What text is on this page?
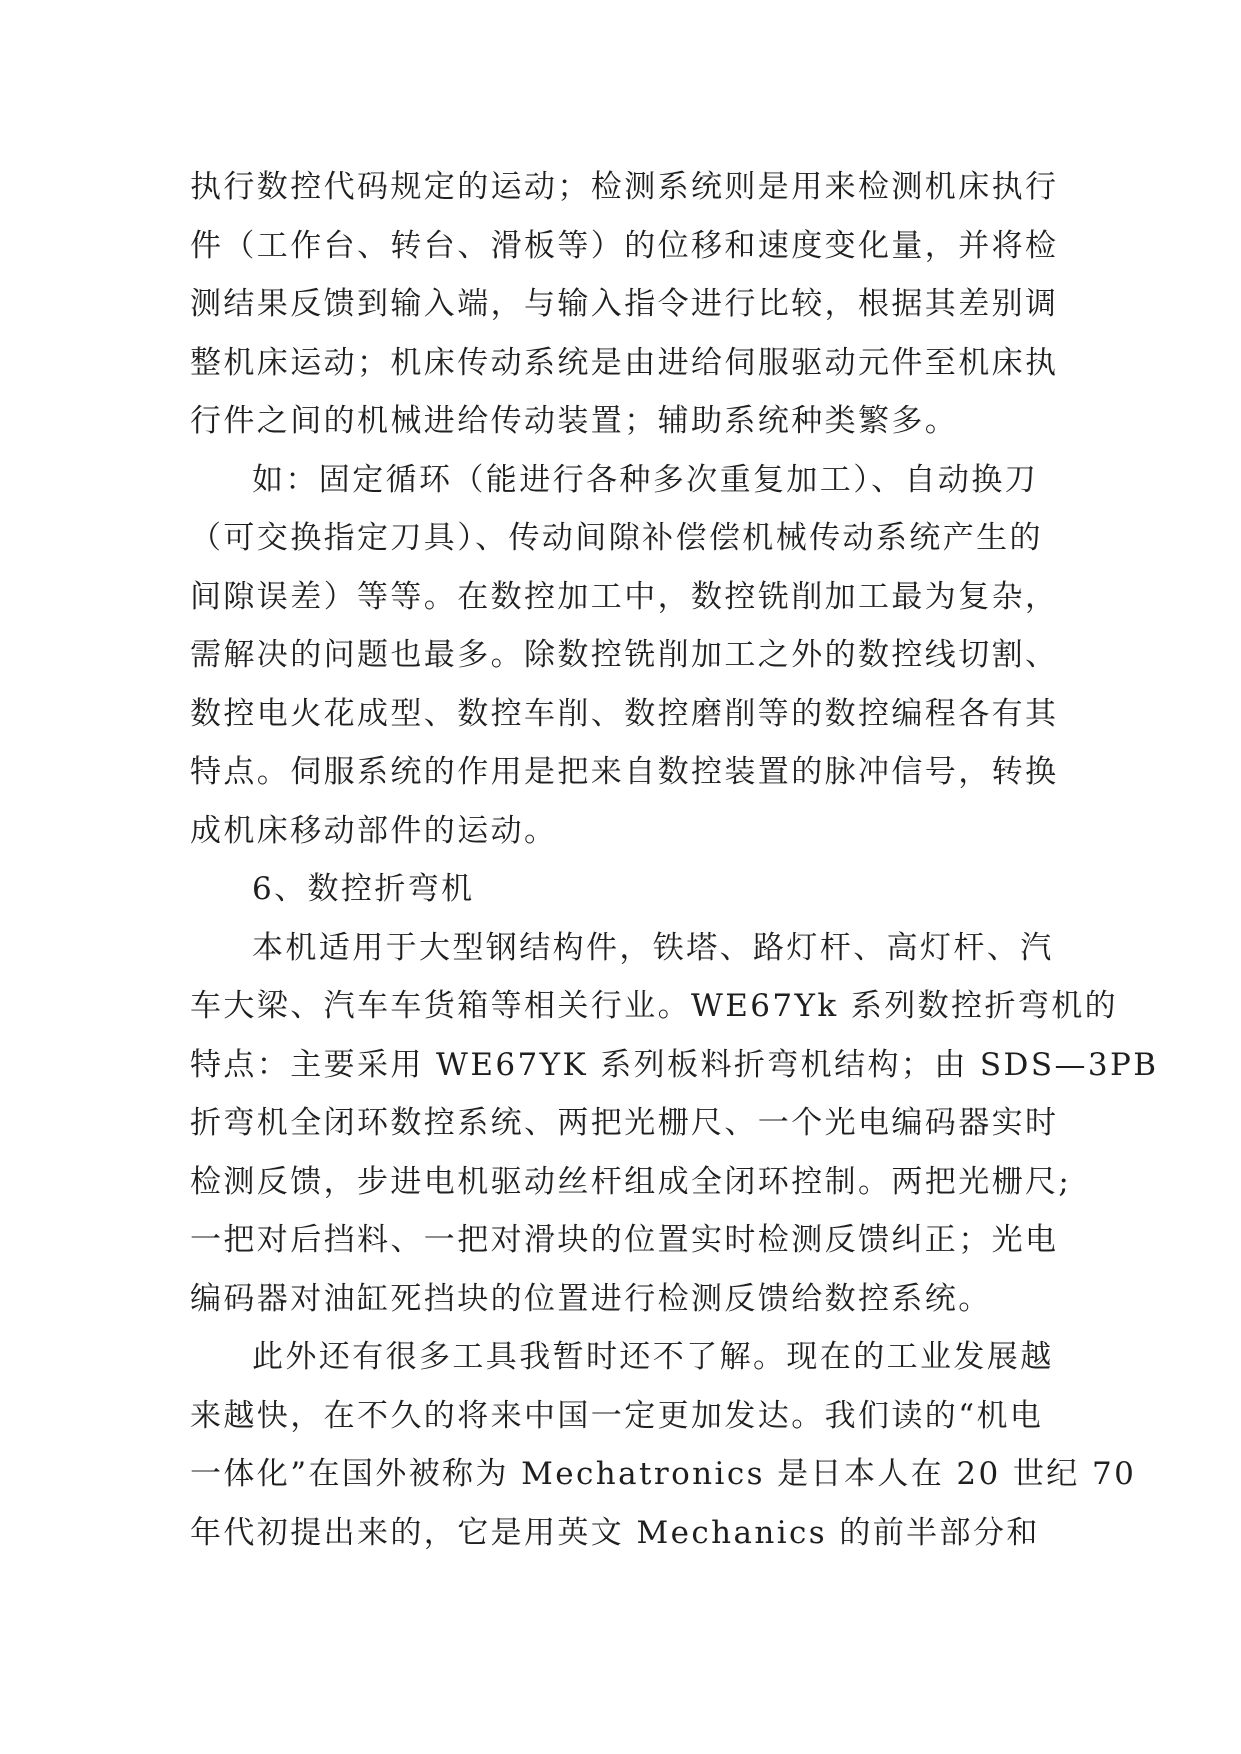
执行数控代码规定的运动；检测系统则是用来检测机床执行
件（工作台、转台、滑板等）的位移和速度变化量，并将检
测结果反馈到输入端，与输入指令进行比较，根据其差别调
整机床运动；机床传动系统是由进给伺服驱动元件至机床执
行件之间的机械进给传动装置；辅助系统种类繁多。
如：固定循环（能进行各种多次重复加工）、自动换刀
（可交换指定刀具）、传动间隙补偿偿机械传动系统产生的
间隙误差）等等。在数控加工中，数控铣削加工最为复杂，
需解决的问题也最多。除数控铣削加工之外的数控线切割、
数控电火花成型、数控车削、数控磨削等的数控编程各有其
特点。伺服系统的作用是把来自数控装置的脉冲信号，转换
成机床移动部件的运动。
6、数控折弯机
本机适用于大型钢结构件，铁塔、路灯杆、高灯杆、汽
车大梁、汽车车货箱等相关行业。WE67Yk 系列数控折弯机的
特点：主要采用 WE67YK 系列板料折弯机结构；由 SDS—3PB
折弯机全闭环数控系统、两把光栅尺、一个光电编码器实时
检测反馈，步进电机驱动丝杆组成全闭环控制。两把光栅尺;
一把对后挡料、一把对滑块的位置实时检测反馈纠正；光电
编码器对油缸死挡块的位置进行检测反馈给数控系统。
此外还有很多工具我暂时还不了解。现在的工业发展越
来越快，在不久的将来中国一定更加发达。我们读的“机电
一体化”在国外被称为 Mechatronics 是日本人在 20 世纪 70
年代初提出来的，它是用英文 Mechanics 的前半部分和
